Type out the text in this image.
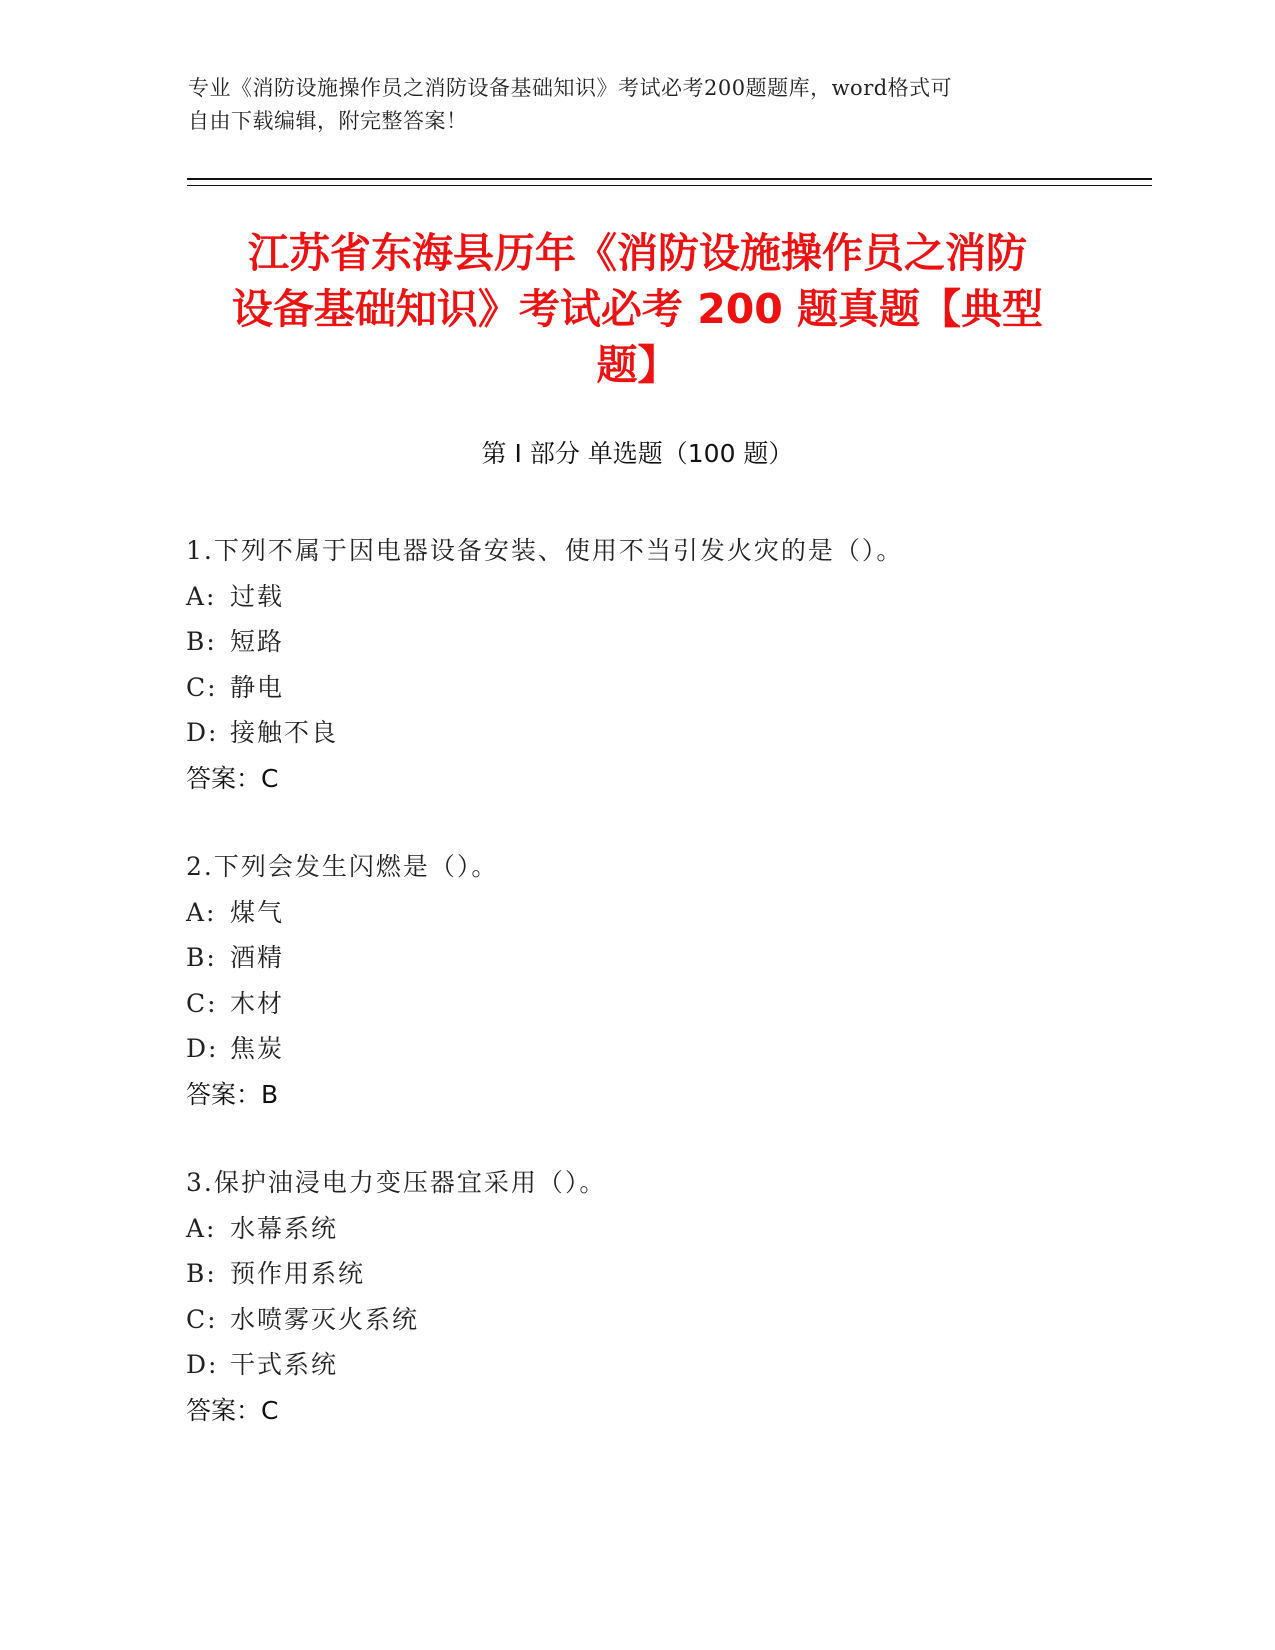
专业《消防设施操作员之消防设备基础知识》考试必考200题题库，word格式可
自由下载编辑，附完整答案！
江苏省东海县历年《消防设施操作员之消防
设备基础知识》考试必考 200 题真题【典型
题】
第 I 部分 单选题（100 题）
1.下列不属于因电器设备安装、使用不当引发火灾的是（）。
A: 过载
B: 短路
C: 静电
D: 接触不良
答案：C
2.下列会发生闪燃是（）。
A: 煤气
B: 酒精
C: 木材
D: 焦炭
答案：B
3.保护油浸电力变压器宜采用（）。
A: 水幕系统
B: 预作用系统
C: 水喷雾灭火系统
D: 干式系统
答案：C
